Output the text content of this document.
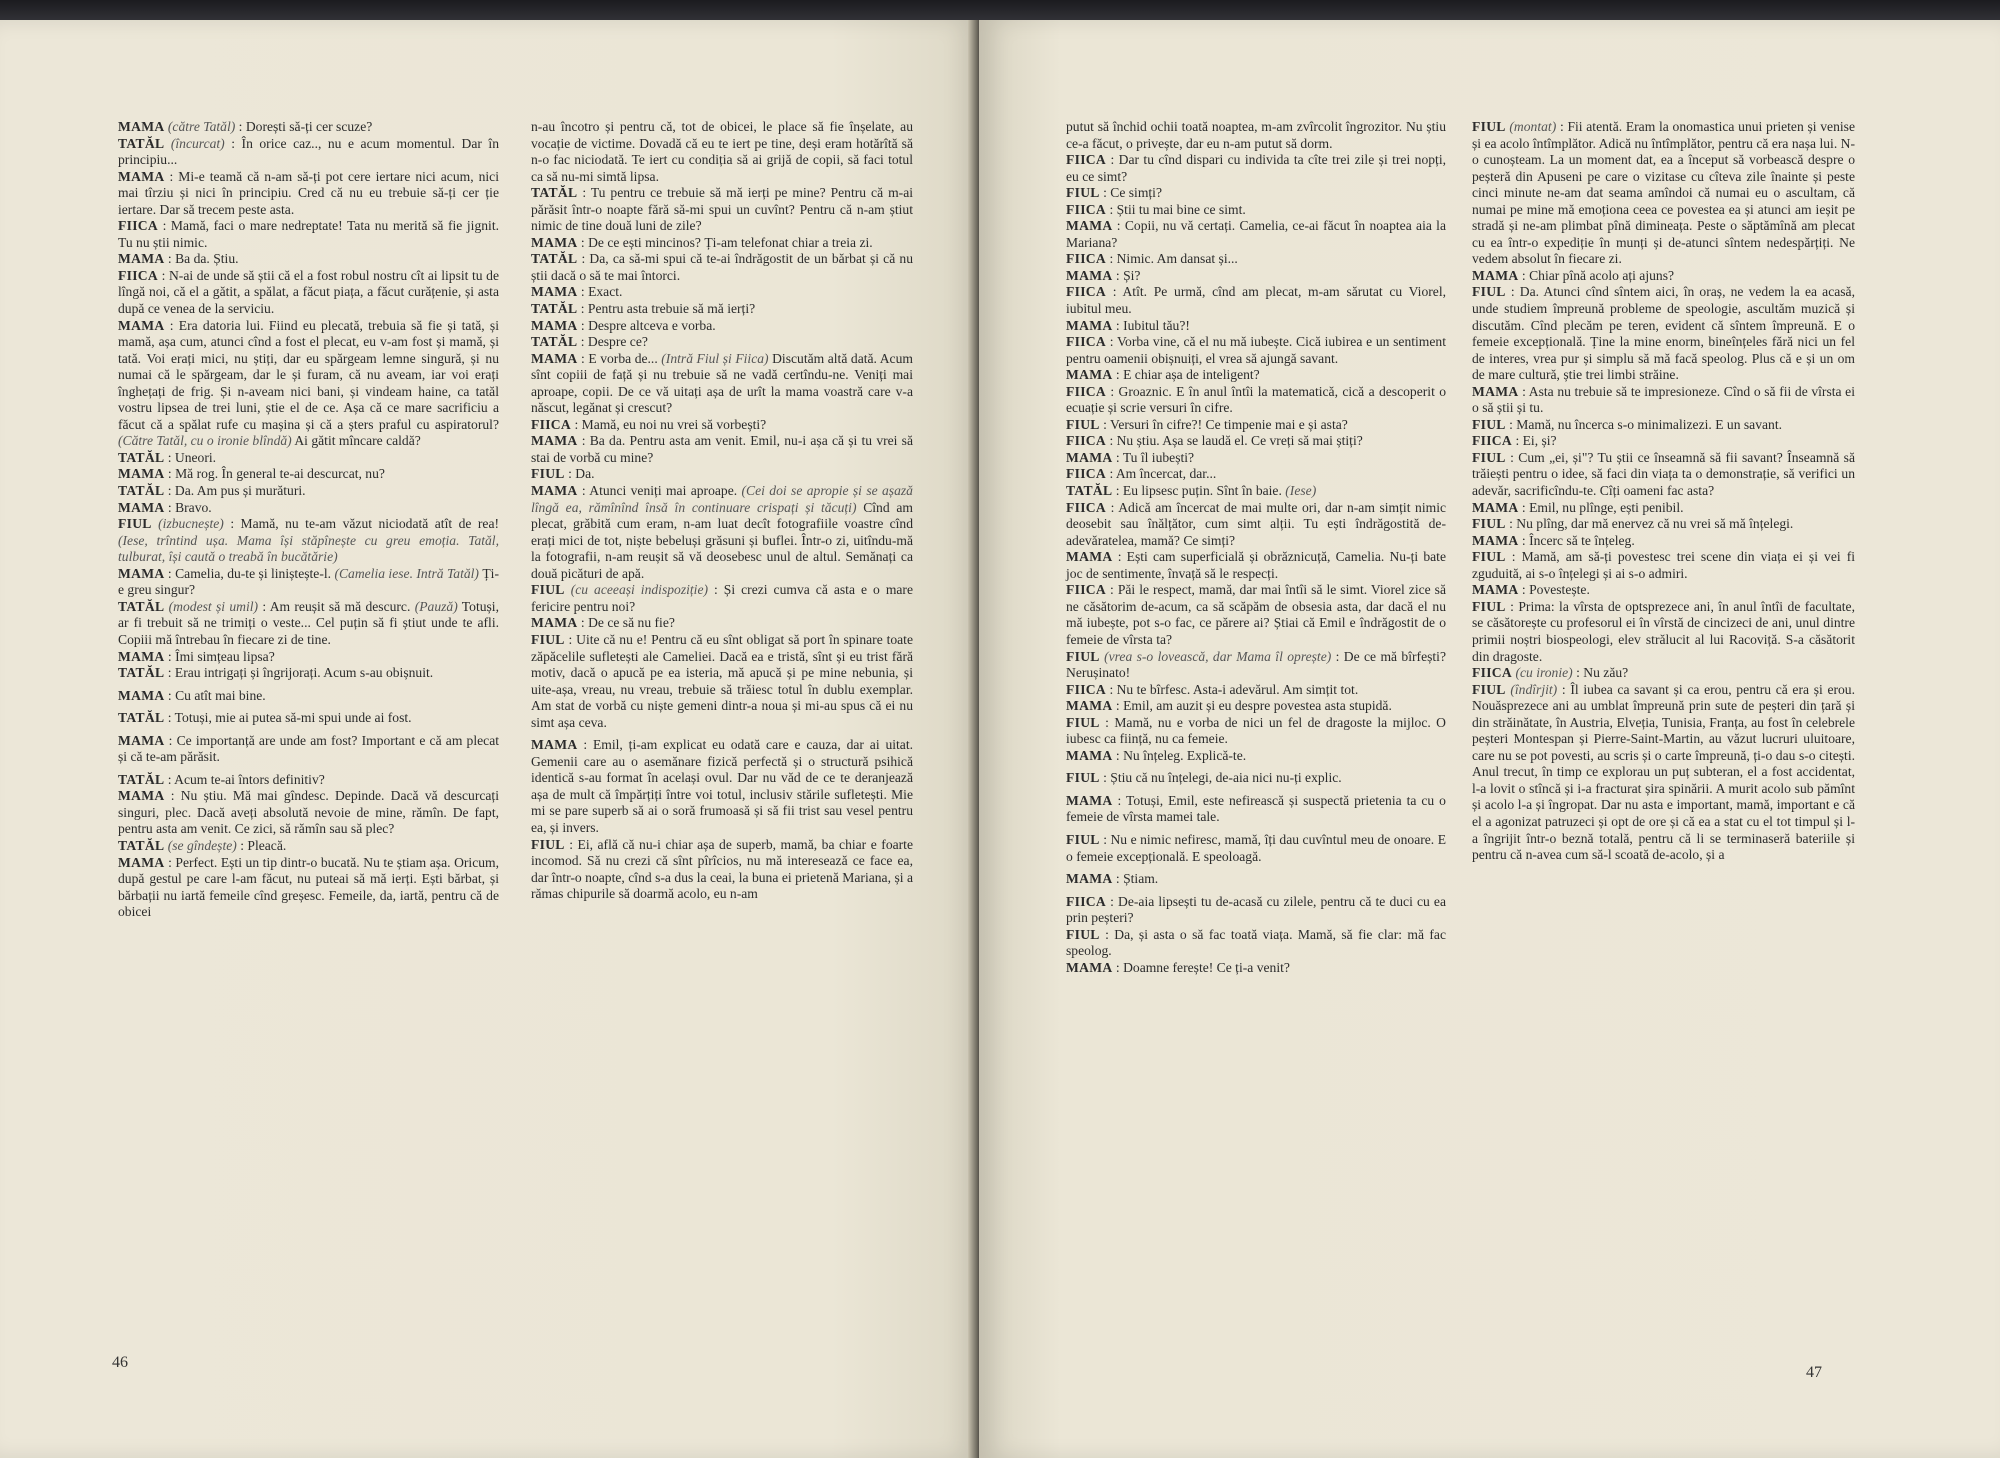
MAMA (către Tatăl) : Dorești să-ți cer scuze?

TATĂL (încurcat) : În orice caz.., nu e acum momentul. Dar în principiu...

MAMA : Mi-e teamă că n-am să-ți pot cere iertare nici acum, nici mai tîrziu și nici în principiu. Cred că nu eu trebuie să-ți cer ție iertare. Dar să trecem peste asta.

FIICA : Mamă, faci o mare nedreptate! Tata nu merită să fie jignit. Tu nu știi nimic.

MAMA : Ba da. Știu.

FIICA : N-ai de unde să știi că el a fost robul nostru cît ai lipsit tu de lîngă noi, că el a gătit, a spălat, a făcut piața, a făcut curățenie, și asta după ce venea de la serviciu.

MAMA : Era datoria lui. Fiind eu plecată, trebuia să fie și tată, și mamă, așa cum, atunci cînd a fost el plecat, eu v-am fost și mamă, și tată. Voi erați mici, nu știți, dar eu spărgeam lemne singură, și nu numai că le spărgeam, dar le și furam, că nu aveam, iar voi erați înghețați de frig. Și n-aveam nici bani, și vindeam haine, ca tatăl vostru lipsea de trei luni, știe el de ce. Așa că ce mare sacrificiu a făcut că a spălat rufe cu mașina și că a șters praful cu aspiratorul? (Către Tatăl, cu o ironie blîndă) Ai gătit mîncare caldă?

TATĂL : Uneori.

MAMA : Mă rog. În general te-ai descurcat, nu?

TATĂL : Da. Am pus și murături.

MAMA : Bravo.

FIUL (izbucnește) : Mamă, nu te-am văzut niciodată atît de rea! (Iese, trîntind ușa. Mama își stăpînește cu greu emoția. Tatăl, tulburat, își caută o treabă în bucătărie)

MAMA : Camelia, du-te și liniștește-l. (Camelia iese. Intră Tatăl) Ți-e greu singur?

TATĂL (modest și umil) : Am reușit să mă descurc. (Pauză) Totuși, ar fi trebuit să ne trimiți o veste... Cel puțin să fi știut unde te afli. Copiii mă întrebau în fiecare zi de tine.

MAMA : Îmi simțeau lipsa?

TATĂL : Erau intrigați și îngrijorați. Acum s-au obișnuit.

MAMA : Cu atît mai bine.

TATĂL : Totuși, mie ai putea să-mi spui unde ai fost.

MAMA : Ce importanță are unde am fost? Important e că am plecat și că te-am părăsit.

TATĂL : Acum te-ai întors definitiv?

MAMA : Nu știu. Mă mai gîndesc. Depinde. Dacă vă descurcați singuri, plec. Dacă aveți absolută nevoie de mine, rămîn. De fapt, pentru asta am venit. Ce zici, să rămîn sau să plec?

TATĂL (se gîndește) : Pleacă.

MAMA : Perfect. Ești un tip dintr-o bucată. Nu te știam așa. Oricum, după gestul pe care l-am făcut, nu puteai să mă ierți. Ești bărbat, și bărbații nu iartă femeile cînd greșesc. Femeile, da, iartă, pentru că de obicei

n-au încotro și pentru că, tot de obicei, le place să fie înșelate, au vocație de victime. Dovadă că eu te iert pe tine, deși eram hotărîtă să n-o fac niciodată. Te iert cu condiția să ai grijă de copii, să faci totul ca să nu-mi simtă lipsa.

TATĂL : Tu pentru ce trebuie să mă ierți pe mine? Pentru că m-ai părăsit într-o noapte fără să-mi spui un cuvînt? Pentru că n-am știut nimic de tine două luni de zile?

MAMA : De ce ești mincinos? Ți-am telefonat chiar a treia zi.

TATĂL : Da, ca să-mi spui că te-ai îndrăgostit de un bărbat și că nu știi dacă o să te mai întorci.

MAMA : Exact.

TATĂL : Pentru asta trebuie să mă ierți?

MAMA : Despre altceva e vorba.

TATĂL : Despre ce?

MAMA : E vorba de... (Intră Fiul și Fiica) Discutăm altă dată. Acum sînt copiii de față și nu trebuie să ne vadă certîndu-ne. Veniți mai aproape, copii. De ce vă uitați așa de urît la mama voastră care v-a născut, legănat și crescut?

FIICA : Mamă, eu noi nu vrei să vorbești?

MAMA : Ba da. Pentru asta am venit. Emil, nu-i așa că și tu vrei să stai de vorbă cu mine?

FIUL : Da.

MAMA : Atunci veniți mai aproape. (Cei doi se apropie și se așază lîngă ea, rămînînd însă în continuare crispați și tăcuți) Cînd am plecat, grăbită cum eram, n-am luat decît fotografiile voastre cînd erați mici de tot, niște bebeluși grăsuni și buflei. Într-o zi, uitîndu-mă la fotografii, n-am reușit să vă deosebesc unul de altul. Semănați ca două picături de apă.

FIUL (cu aceeași indispoziție) : Și crezi cumva că asta e o mare fericire pentru noi?

MAMA : De ce să nu fie?

FIUL : Uite că nu e! Pentru că eu sînt obligat să port în spinare toate zăpăcelile sufletești ale Cameliei. Dacă ea e tristă, sînt și eu trist fără motiv, dacă o apucă pe ea isteria, mă apucă și pe mine nebunia, și uite-așa, vreau, nu vreau, trebuie să trăiesc totul în dublu exemplar. Am stat de vorbă cu niște gemeni dintr-a noua și mi-au spus că ei nu simt așa ceva.

MAMA : Emil, ți-am explicat eu odată care e cauza, dar ai uitat. Gemenii care au o asemănare fizică perfectă și o structură psihică identică s-au format în același ovul. Dar nu văd de ce te deranjează așa de mult că împărțiți între voi totul, inclusiv stările sufletești. Mie mi se pare superb să ai o soră frumoasă și să fii trist sau vesel pentru ea, și invers.

FIUL : Ei, află că nu-i chiar așa de superb, mamă, ba chiar e foarte incomod. Să nu crezi că sînt pîrîcios, nu mă interesează ce face ea, dar într-o noapte, cînd s-a dus la ceai, la buna ei prietenă Mariana, și a rămas chipurile să doarmă acolo, eu n-am

46

putut să închid ochii toată noaptea, m-am zvîrcolit îngrozitor. Nu știu ce-a făcut, o privește, dar eu n-am putut să dorm.

FIICA : Dar tu cînd dispari cu individa ta cîte trei zile și trei nopți, eu ce simt?

FIUL : Ce simți?

FIICA : Știi tu mai bine ce simt.

MAMA : Copii, nu vă certați. Camelia, ce-ai făcut în noaptea aia la Mariana?

FIICA : Nimic. Am dansat și...

MAMA : Și?

FIICA : Atît. Pe urmă, cînd am plecat, m-am sărutat cu Viorel, iubitul meu.

MAMA : Iubitul tău?!

FIICA : Vorba vine, că el nu mă iubește. Cică iubirea e un sentiment pentru oamenii obișnuiți, el vrea să ajungă savant.

MAMA : E chiar așa de inteligent?

FIICA : Groaznic. E în anul întîi la matematică, cică a descoperit o ecuație și scrie versuri în cifre.

FIUL : Versuri în cifre?! Ce timpenie mai e și asta?

FIICA : Nu știu. Așa se laudă el. Ce vreți să mai știți?

MAMA : Tu îl iubești?

FIICA : Am încercat, dar...

TATĂL : Eu lipsesc puțin. Sînt în baie. (Iese)

FIICA : Adică am încercat de mai multe ori, dar n-am simțit nimic deosebit sau înălțător, cum simt alții. Tu ești îndrăgostită de-adevăratelea, mamă? Ce simți?

MAMA : Ești cam superficială și obrăznicuță, Camelia. Nu-ți bate joc de sentimente, învață să le respecți.

FIICA : Păi le respect, mamă, dar mai întîi să le simt. Viorel zice să ne căsătorim de-acum, ca să scăpăm de obsesia asta, dar dacă el nu mă iubește, pot s-o fac, ce părere ai? Știai că Emil e îndrăgostit de o femeie de vîrsta ta?

FIUL (vrea s-o lovească, dar Mama îl oprește) : De ce mă bîrfești? Nerușinato!

FIICA : Nu te bîrfesc. Asta-i adevărul. Am simțit tot.

MAMA : Emil, am auzit și eu despre povestea asta stupidă.

FIUL : Mamă, nu e vorba de nici un fel de dragoste la mijloc. O iubesc ca ființă, nu ca femeie.

MAMA : Nu înțeleg. Explică-te.

FIUL : Știu că nu înțelegi, de-aia nici nu-ți explic.

MAMA : Totuși, Emil, este nefirească și suspectă prietenia ta cu o femeie de vîrsta mamei tale.

FIUL : Nu e nimic nefiresc, mamă, îți dau cuvîntul meu de onoare. E o femeie excepțională. E speoloagă.

MAMA : Știam.

FIICA : De-aia lipsești tu de-acasă cu zilele, pentru că te duci cu ea prin peșteri?

FIUL : Da, și asta o să fac toată viața. Mamă, să fie clar: mă fac speolog.

MAMA : Doamne ferește! Ce ți-a venit?

FIUL (montat) : Fii atentă. Eram la onomastica unui prieten și venise și ea acolo întîmplător. Adică nu întîmplător, pentru că era nașa lui. N-o cunoșteam. La un moment dat, ea a început să vorbească despre o peșteră din Apuseni pe care o vizitase cu cîteva zile înainte și peste cinci minute ne-am dat seama amîndoi că numai eu o ascultam, că numai pe mine mă emoționa ceea ce povestea ea și atunci am ieșit pe stradă și ne-am plimbat pînă dimineața. Peste o săptămînă am plecat cu ea într-o expediție în munți și de-atunci sîntem nedespărțiți. Ne vedem absolut în fiecare zi.

MAMA : Chiar pînă acolo ați ajuns?

FIUL : Da. Atunci cînd sîntem aici, în oraș, ne vedem la ea acasă, unde studiem împreună probleme de speologie, ascultăm muzică și discutăm. Cînd plecăm pe teren, evident că sîntem împreună. E o femeie excepțională. Ține la mine enorm, bineînțeles fără nici un fel de interes, vrea pur și simplu să mă facă speolog. Plus că e și un om de mare cultură, știe trei limbi străine.

MAMA : Asta nu trebuie să te impresioneze. Cînd o să fii de vîrsta ei o să știi și tu.

FIUL : Mamă, nu încerca s-o minimalizezi. E un savant.

FIICA : Ei, și?

FIUL : Cum „ei, și"? Tu știi ce înseamnă să fii savant? Înseamnă să trăiești pentru o idee, să faci din viața ta o demonstrație, să verifici un adevăr, sacrificîndu-te. Cîți oameni fac asta?

MAMA : Emil, nu plînge, ești penibil.

FIUL : Nu plîng, dar mă enervez că nu vrei să mă înțelegi.

MAMA : Încerc să te înțeleg.

FIUL : Mamă, am să-ți povestesc trei scene din viața ei și vei fi zguduită, ai s-o înțelegi și ai s-o admiri.

MAMA : Povestește.

FIUL : Prima: la vîrsta de optsprezece ani, în anul întîi de facultate, se căsătorește cu profesorul ei în vîrstă de cincizeci de ani, unul dintre primii noștri biospeologi, elev strălucit al lui Racoviță. S-a căsătorit din dragoste.

FIICA (cu ironie) : Nu zău?

FIUL (îndîrjit) : Îl iubea ca savant și ca erou, pentru că era și erou. Nouăsprezece ani au umblat împreună prin sute de peșteri din țară și din străinătate, în Austria, Elveția, Tunisia, Franța, au fost în celebrele peșteri Montespan și Pierre-Saint-Martin, au văzut lucruri uluitoare, care nu se pot povesti, au scris și o carte împreună, ți-o dau s-o citești. Anul trecut, în timp ce explorau un puț subteran, el a fost accidentat, l-a lovit o stîncă și i-a fracturat șira spinării. A murit acolo sub pămînt și acolo l-a și îngropat. Dar nu asta e important, mamă, important e că el a agonizat patruzeci și opt de ore și că ea a stat cu el tot timpul și l-a îngrijit într-o beznă totală, pentru că li se terminaseră bateriile și pentru că n-avea cum să-l scoată de-acolo, și a

47
